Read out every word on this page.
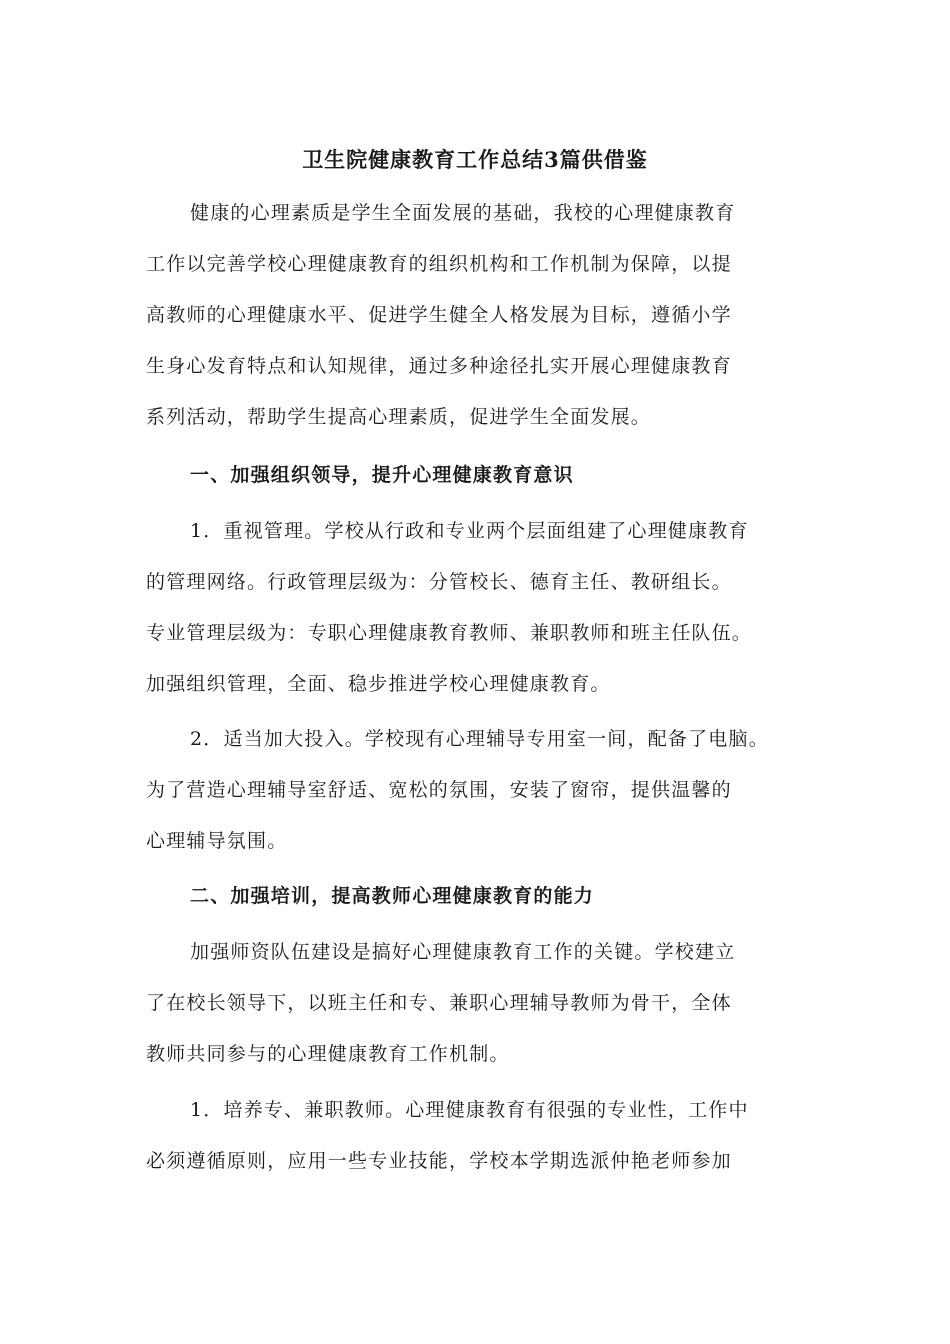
卫生院健康教育工作总结3篇供借鉴
健康的心理素质是学生全面发展的基础，我校的心理健康教育
工作以完善学校心理健康教育的组织机构和工作机制为保障，以提
高教师的心理健康水平、促进学生健全人格发展为目标，遵循小学
生身心发育特点和认知规律，通过多种途径扎实开展心理健康教育
系列活动，帮助学生提高心理素质，促进学生全面发展。
一、加强组织领导，提升心理健康教育意识
1．重视管理。学校从行政和专业两个层面组建了心理健康教育
的管理网络。行政管理层级为：分管校长、德育主任、教研组长。
专业管理层级为：专职心理健康教育教师、兼职教师和班主任队伍。
加强组织管理，全面、稳步推进学校心理健康教育。
2．适当加大投入。学校现有心理辅导专用室一间，配备了电脑。
为了营造心理辅导室舒适、宽松的氛围，安装了窗帘，提供温馨的
心理辅导氛围。
二、加强培训，提高教师心理健康教育的能力
加强师资队伍建设是搞好心理健康教育工作的关键。学校建立
了在校长领导下，以班主任和专、兼职心理辅导教师为骨干，全体
教师共同参与的心理健康教育工作机制。
1．培养专、兼职教师。心理健康教育有很强的专业性，工作中
必须遵循原则，应用一些专业技能，学校本学期选派仲艳老师参加
